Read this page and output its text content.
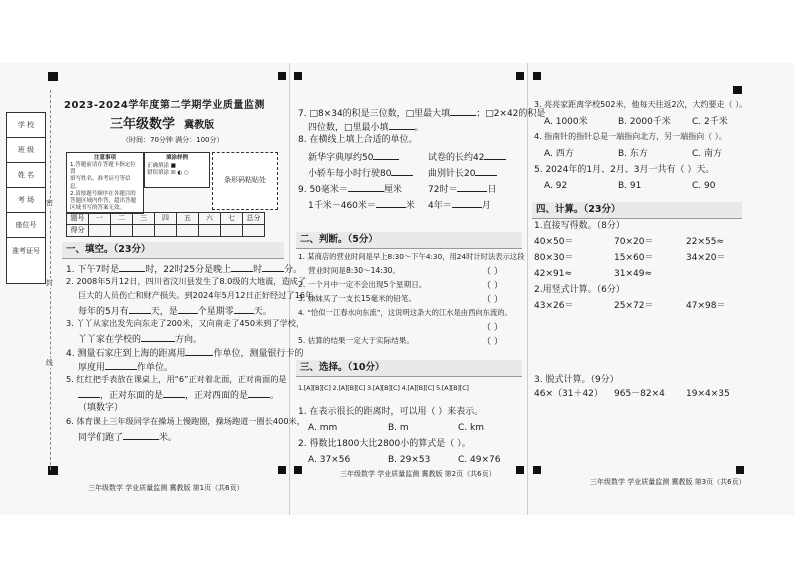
学 校
班 级
姓 名
考 场
座位号
准考证号
密
封
线
2023-2024学年度第二学期学业质量监测
三年级数学 冀教版
（时间：70分钟 满分：100分）
注意事项
1.答题前请在答题卡指定位置
填写姓名、准考证号等信息。
2.请按题号顺序在各题目的
答题区域内作答，超出答题
区域书写的答案无效。
填涂样例
正确填涂 ■
错误填涂 ☒ ◐ ○
条形码粘贴处
题号	一	二	三	四	五	六	七	总分
得分								
一、填空。（23分）
1. 下午7时是	时，22时25分是晚上 时 分。
2. 2008年5月12日，四川省汶川县发生了8.0级的大地震，造成了
巨大的人员伤亡和财产损失。到2024年5月12日正好经过了16年，
每年的5月有 天，是 个星期零 天。
3. 丫丫从家出发先向东走了200米，又向南走了450米到了学校，
丫丫家在学校的	方向。
4. 测量石家庄到上海的距离用	作单位，测量银行卡的
厚度用	作单位。
5. 红红把手表放在课桌上，用“6”正对着北面，正对南面的是
，正对东面的是 ，正对西面的是 。
（填数字）
6. 体育课上三年级同学在操场上慢跑圈，操场跑道一圈长400米，
同学们跑了	米。
三年级数学 学业质量监测 冀教版 第1页（共6页）
7. □8×34的积是三位数，□里最大填	；□2×42的积是
四位数，□里最小填	。
8. 在横线上填上合适的单位。
新华字典厚约50	试卷的长约42
小轿车每小时行驶80	曲别针长20
9. 50毫米＝	厘米	72时＝	日
1千米－460米＝	米 4年＝	月
二、判断。（5分）
1. 某商店的营业时间是早上8:30～下午4:30，用24时计时法表示这段
营业时间是8:30～14:30。	（ ）
2. 一个月中一定不会出现5个星期日。	（ ）
3. 妹妹买了一支长15毫米的铅笔。	（ ）
4. “恰似一江春水向东流”，这说明这条大的江水是由西向东流的。
（ ）
5. 估算的结果一定大于实际结果。	（ ）
三、选择。（10分）
1.[A][B][C] 2.[A][B][C] 3.[A][B][C] 4.[A][B][C] 5.[A][B][C]
1. 在表示很长的距离时，可以用（ ）来表示。
A. mm	B. m	C. km
2. 得数比1800大比2800小的算式是（ ）。
A. 37×56	B. 29×53	C. 49×76
三年级数学 学业质量监测 冀教版 第2页（共6页）
3. 亮亮家距离学校502米，他每天往返2次，大约要走（ ）。
A. 1000米	B. 2000千米 C. 2千米
4. 指南针的指针总是一端指向北方，另一端指向（ ）。
A. 西方	B. 东方	C. 南方
5. 2024年的1月、2月、3月一共有（ ）天。
A. 92	B. 91	C. 90
四、计算。（23分）
1.直接写得数。（8分）
40×50＝	70×20＝	22×55≈
80×30＝	15×60＝	34×20＝
42×91≈	31×49≈
2.用竖式计算。（6分）
43×26＝	25×72＝	47×98＝
3. 脱式计算。（9分）
46×（31＋42） 965－82×4 19×4×35
三年级数学 学业质量监测 冀教版 第3页（共6页）
